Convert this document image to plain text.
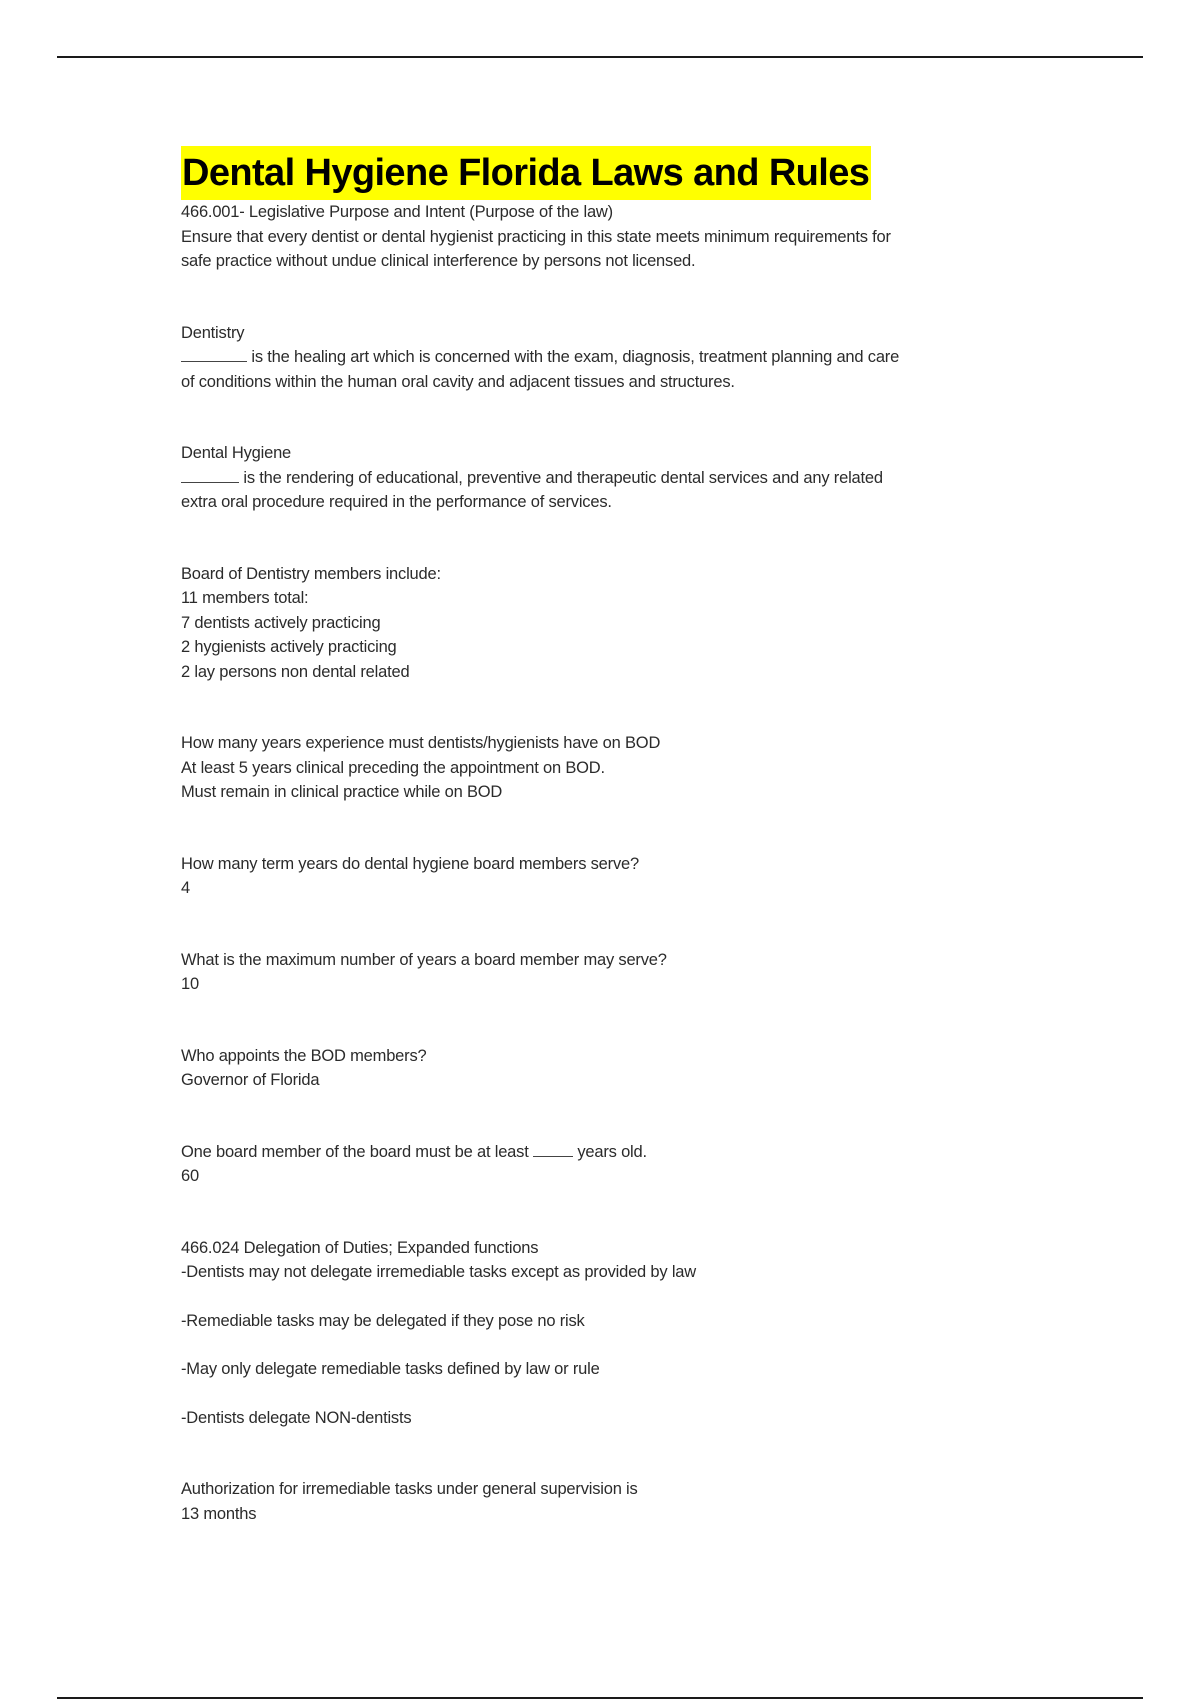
Dental Hygiene Florida Laws and Rules

466.001- Legislative Purpose and Intent (Purpose of the law)

Ensure that every dentist or dental hygienist practicing in this state meets minimum requirements for

safe practice without undue clinical interference by persons not licensed.

Dentistry

is the healing art which is concerned with the exam, diagnosis, treatment planning and care

of conditions within the human oral cavity and adjacent tissues and structures.

Dental Hygiene

is the rendering of educational, preventive and therapeutic dental services and any related

extra oral procedure required in the performance of services.

Board of Dentistry members include:

11 members total:

7 dentists actively practicing

2 hygienists actively practicing

2 lay persons non dental related

How many years experience must dentists/hygienists have on BOD

At least 5 years clinical preceding the appointment on BOD.

Must remain in clinical practice while on BOD

How many term years do dental hygiene board members serve?

4

What is the maximum number of years a board member may serve?

10

Who appoints the BOD members?

Governor of Florida

One board member of the board must be at least  years old.

60

466.024 Delegation of Duties; Expanded functions

-Dentists may not delegate irremediable tasks except as provided by law

-Remediable tasks may be delegated if they pose no risk

-May only delegate remediable tasks defined by law or rule

-Dentists delegate NON-dentists

Authorization for irremediable tasks under general supervision is

13 months
